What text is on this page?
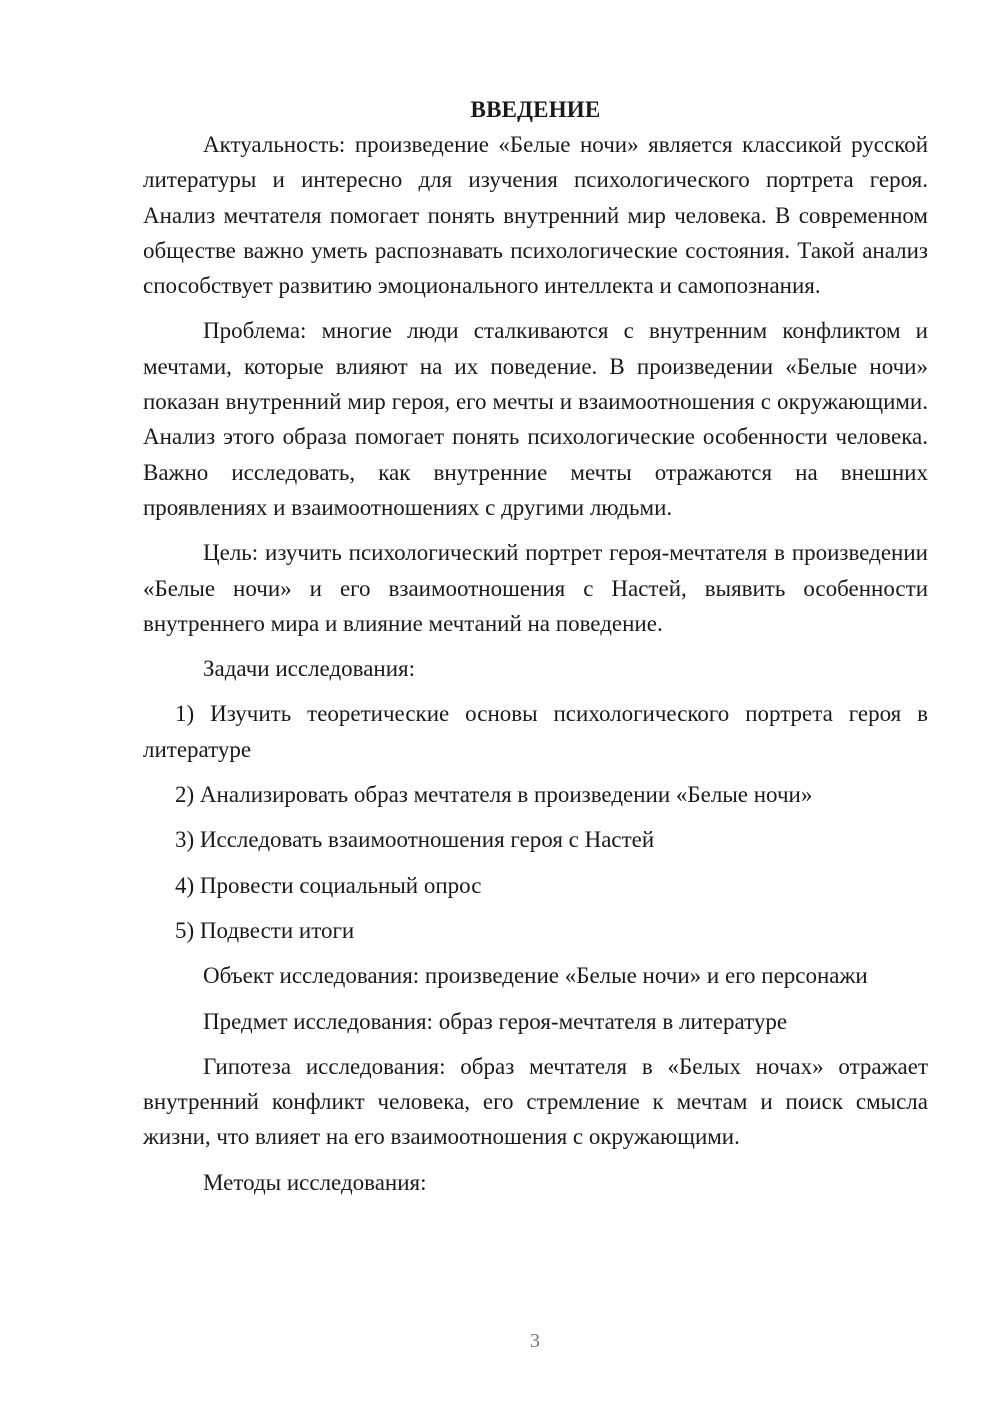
ВВЕДЕНИЕ

Актуальность: произведение «Белые ночи» является классикой русской литературы и интересно для изучения психологического портрета героя. Анализ мечтателя помогает понять внутренний мир человека. В современном обществе важно уметь распознавать психологические состояния. Такой анализ способствует развитию эмоционального интеллекта и самопознания.

Проблема: многие люди сталкиваются с внутренним конфликтом и мечтами, которые влияют на их поведение. В произведении «Белые ночи» показан внутренний мир героя, его мечты и взаимоотношения с окружающими. Анализ этого образа помогает понять психологические особенности человека. Важно исследовать, как внутренние мечты отражаются на внешних проявлениях и взаимоотношениях с другими людьми.

Цель: изучить психологический портрет героя-мечтателя в произведении «Белые ночи» и его взаимоотношения с Настей, выявить особенности внутреннего мира и влияние мечтаний на поведение.

Задачи исследования:

1) Изучить теоретические основы психологического портрета героя в литературе

2) Анализировать образ мечтателя в произведении «Белые ночи»

3) Исследовать взаимоотношения героя с Настей

4) Провести социальный опрос

5) Подвести итоги

Объект исследования: произведение «Белые ночи» и его персонажи

Предмет исследования: образ героя-мечтателя в литературе

Гипотеза исследования: образ мечтателя в «Белых ночах» отражает внутренний конфликт человека, его стремление к мечтам и поиск смысла жизни, что влияет на его взаимоотношения с окружающими.

Методы исследования:

3
